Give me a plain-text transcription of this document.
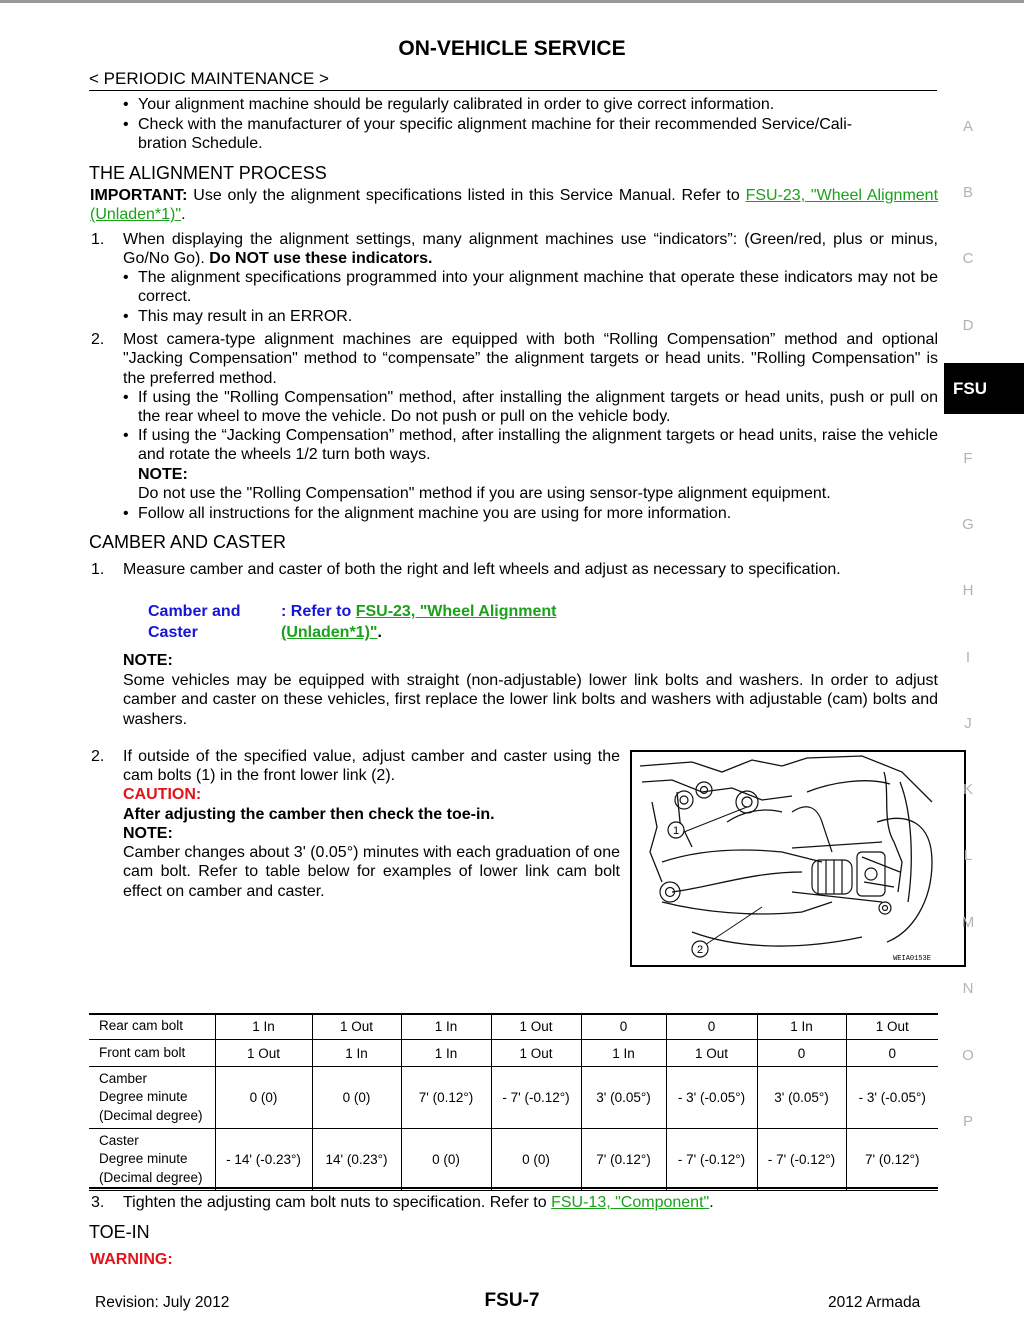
ON-VEHICLE SERVICE
< PERIODIC MAINTENANCE >
• Your alignment machine should be regularly calibrated in order to give correct information.
• Check with the manufacturer of your specific alignment machine for their recommended Service/Cali-
bration Schedule.
THE ALIGNMENT PROCESS
IMPORTANT: Use only the alignment specifications listed in this Service Manual. Refer to FSU-23, "Wheel Alignment (Unladen*1)".
1. When displaying the alignment settings, many alignment machines use “indicators”: (Green/red, plus or minus, Go/No Go). Do NOT use these indicators.
• The alignment specifications programmed into your alignment machine that operate these indicators may not be correct.
• This may result in an ERROR.
2. Most camera-type alignment machines are equipped with both “Rolling Compensation” method and optional "Jacking Compensation" method to “compensate” the alignment targets or head units. "Rolling Compensation" is the preferred method.
• If using the "Rolling Compensation" method, after installing the alignment targets or head units, push or pull on the rear wheel to move the vehicle. Do not push or pull on the vehicle body.
• If using the “Jacking Compensation” method, after installing the alignment targets or head units, raise the vehicle and rotate the wheels 1/2 turn both ways.
NOTE:
Do not use the "Rolling Compensation" method if you are using sensor-type alignment equipment.
• Follow all instructions for the alignment machine you are using for more information.
CAMBER AND CASTER
1. Measure camber and caster of both the right and left wheels and adjust as necessary to specification.
Camber and
Caster
: Refer to FSU-23, "Wheel Alignment
(Unladen*1)".
NOTE:
Some vehicles may be equipped with straight (non-adjustable) lower link bolts and washers. In order to adjust camber and caster on these vehicles, first replace the lower link bolts and washers with adjustable (cam) bolts and washers.
2. If outside of the specified value, adjust camber and caster using the cam bolts (1) in the front lower link (2).
CAUTION:
After adjusting the camber then check the toe-in.
NOTE:
Camber changes about 3' (0.05°) minutes with each graduation of one cam bolt. Refer to table below for examples of lower link cam bolt effect on camber and caster.
1
2
WEIA0153E
Rear cam bolt	1 In	1 Out	1 In	1 Out	0	0	1 In	1 Out

Front cam bolt	1 Out	1 In	1 In	1 Out	1 In	1 Out	0	0

Camber
Degree minute
(Decimal degree)	0 (0)	0 (0)	7' (0.12°)	- 7' (-0.12°)	3' (0.05°)	- 3' (-0.05°)	3' (0.05°)	- 3' (-0.05°)

Caster
Degree minute
(Decimal degree)	- 14' (-0.23°)	14' (0.23°)	0 (0)	0 (0)	7' (0.12°)	- 7' (-0.12°)	- 7' (-0.12°)	7' (0.12°)
3. Tighten the adjusting cam bolt nuts to specification. Refer to FSU-13, "Component".
TOE-IN
WARNING:
A
B
C
D
FSU
F
G
H
I
J
K
L
M
N
O
P
Revision: July 2012	FSU-7	2012 Armada
